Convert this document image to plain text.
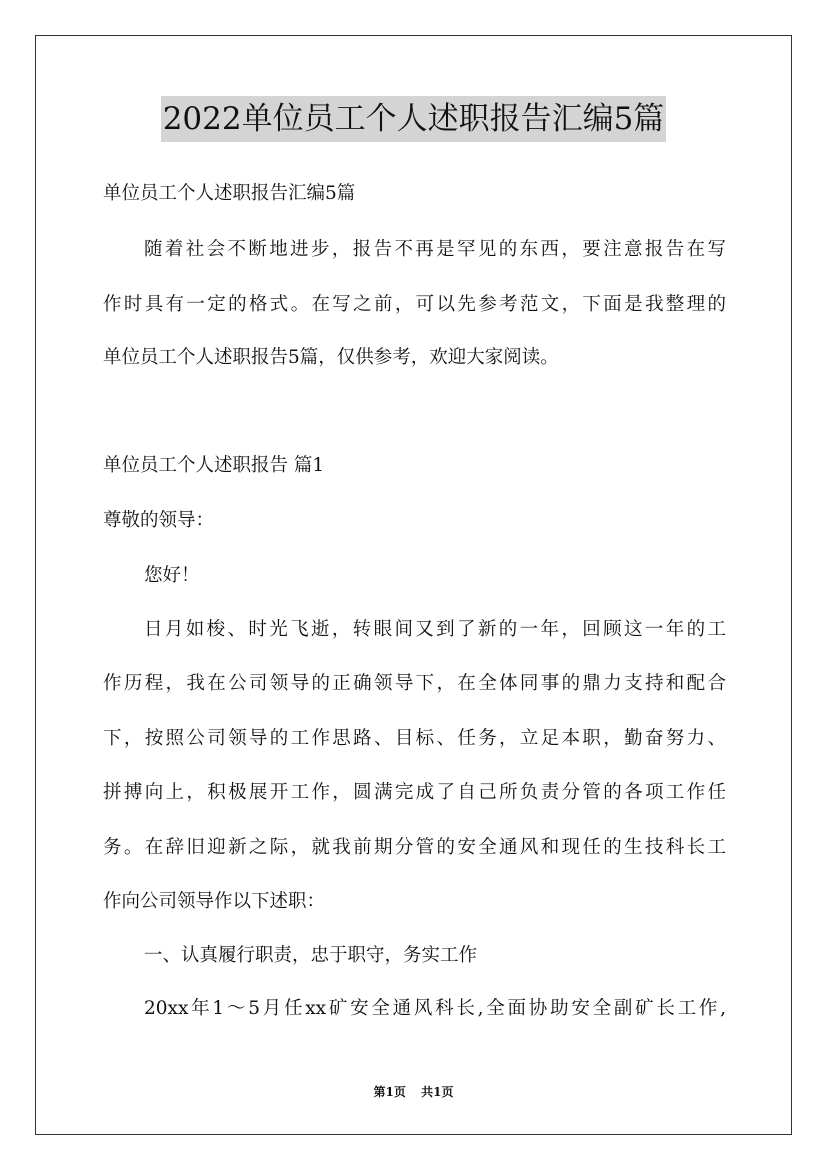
2022单位员工个人述职报告汇编5篇
单位员工个人述职报告汇编5篇
随着社会不断地进步，报告不再是罕见的东西，要注意报告在写
作时具有一定的格式。在写之前，可以先参考范文，下面是我整理的
单位员工个人述职报告5篇，仅供参考，欢迎大家阅读。
单位员工个人述职报告 篇1
尊敬的领导：
您好！
日月如梭、时光飞逝，转眼间又到了新的一年，回顾这一年的工
作历程，我在公司领导的正确领导下，在全体同事的鼎力支持和配合
下，按照公司领导的工作思路、目标、任务，立足本职，勤奋努力、
拼搏向上，积极展开工作，圆满完成了自己所负责分管的各项工作任
务。在辞旧迎新之际，就我前期分管的安全通风和现任的生技科长工
作向公司领导作以下述职：
一、认真履行职责，忠于职守，务实工作
20xx年1～5月任xx矿安全通风科长,全面协助安全副矿长工作,
第1页 共1页
